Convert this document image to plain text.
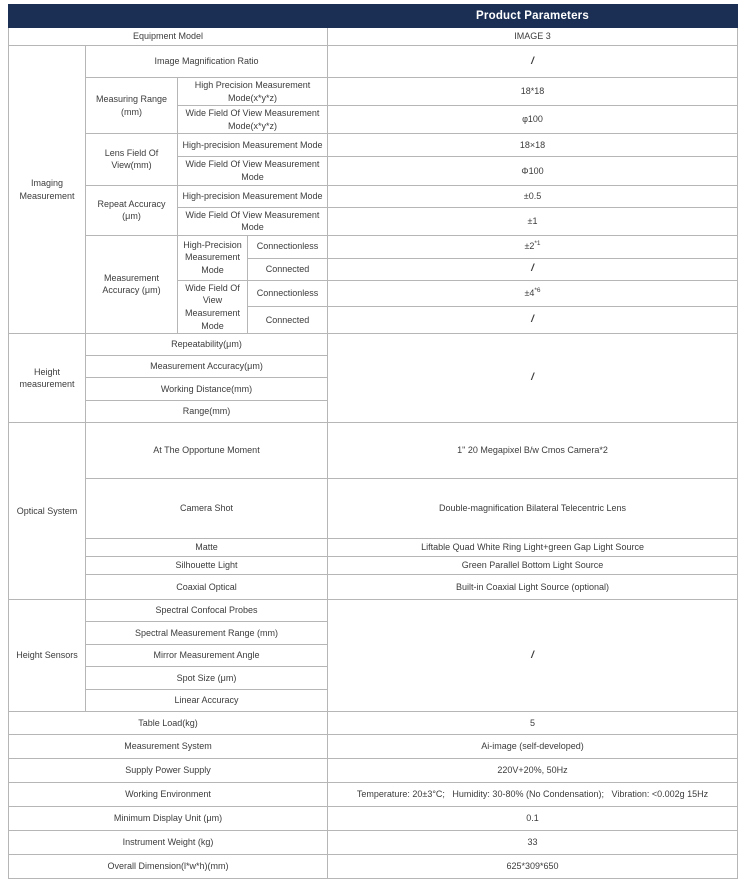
Product Parameters				
Equipment Model				IMAGE 3
Imaging Measurement	Image Magnification Ratio			/
	Measuring Range (mm)	High Precision Measurement Mode(x*y*z)		18*18
		Wide Field Of View Measurement Mode(x*y*z)		φ100
	Lens Field Of View(mm)	High-precision Measurement Mode		18×18
		Wide Field Of View Measurement Mode		Φ100
	Repeat Accuracy (μm)	High-precision Measurement Mode		±0.5
		Wide Field Of View Measurement Mode		±1
	Measurement Accuracy (μm)	High-Precision Measurement Mode	Connectionless	$\pm 2^{*1}$
			Connected	/
		Wide Field Of View Measurement Mode	Connectionless	$\pm 4^{*6}$
			Connected	/
Height measurement	Repeatability(μm)			/
	Measurement Accuracy(μm)			
	Working Distance(mm)			
	Range(mm)			
Optical System	At The Opportune Moment			1" 20 Megapixel B/w Cmos Camera*2
	Camera Shot			Double-magnification Bilateral Telecentric Lens
	Matte			Liftable Quad White Ring Light+green Gap Light Source
	Silhouette Light			Green Parallel Bottom Light Source
	Coaxial Optical			Built-in Coaxial Light Source (optional)
Height Sensors	Spectral Confocal Probes			/
	Spectral Measurement Range (mm)			
	Mirror Measurement Angle			
	Spot Size (μm)			
	Linear Accuracy			
Table Load(kg)				5
Measurement System				Ai-image (self-developed)
Supply Power Supply				220V+20%, 50Hz
Working Environment				Temperature: 20±3°C;   Humidity: 30-80% (No Condensation);   Vibration: <0.002g 15Hz
Minimum Display Unit (μm)				0.1
Instrument Weight (kg)				33
Overall Dimension(l*w*h)(mm)				625*309*650
